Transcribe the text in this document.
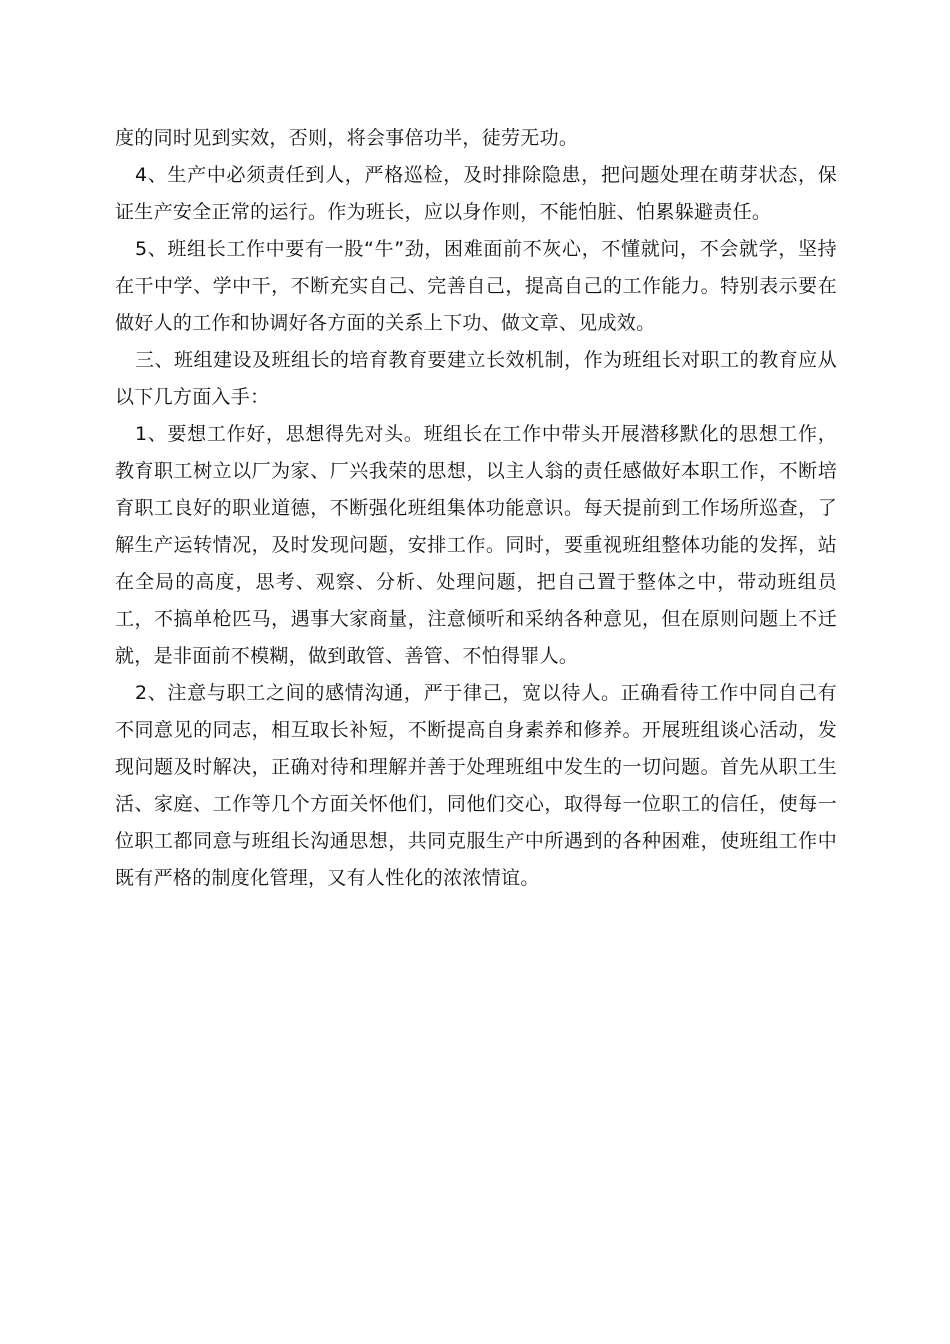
度的同时见到实效，否则，将会事倍功半，徒劳无功。

4、生产中必须责任到人，严格巡检，及时排除隐患，把问题处理在萌芽状态，保证生产安全正常的运行。作为班长，应以身作则，不能怕脏、怕累躲避责任。

5、班组长工作中要有一股“牛”劲，困难面前不灰心，不懂就问，不会就学，坚持在干中学、学中干，不断充实自己、完善自己，提高自己的工作能力。特别表示要在做好人的工作和协调好各方面的关系上下功、做文章、见成效。

三、班组建设及班组长的培育教育要建立长效机制，作为班组长对职工的教育应从以下几方面入手：

1、要想工作好，思想得先对头。班组长在工作中带头开展潜移默化的思想工作，教育职工树立以厂为家、厂兴我荣的思想，以主人翁的责任感做好本职工作，不断培育职工良好的职业道德，不断强化班组集体功能意识。每天提前到工作场所巡查，了解生产运转情况，及时发现问题，安排工作。同时，要重视班组整体功能的发挥，站在全局的高度，思考、观察、分析、处理问题，把自己置于整体之中，带动班组员工，不搞单枪匹马，遇事大家商量，注意倾听和采纳各种意见，但在原则问题上不迁就，是非面前不模糊，做到敢管、善管、不怕得罪人。

2、注意与职工之间的感情沟通，严于律己，宽以待人。正确看待工作中同自己有不同意见的同志，相互取长补短，不断提高自身素养和修养。开展班组谈心活动，发现问题及时解决，正确对待和理解并善于处理班组中发生的一切问题。首先从职工生活、家庭、工作等几个方面关怀他们，同他们交心，取得每一位职工的信任，使每一位职工都同意与班组长沟通思想，共同克服生产中所遇到的各种困难，使班组工作中既有严格的制度化管理，又有人性化的浓浓情谊。
